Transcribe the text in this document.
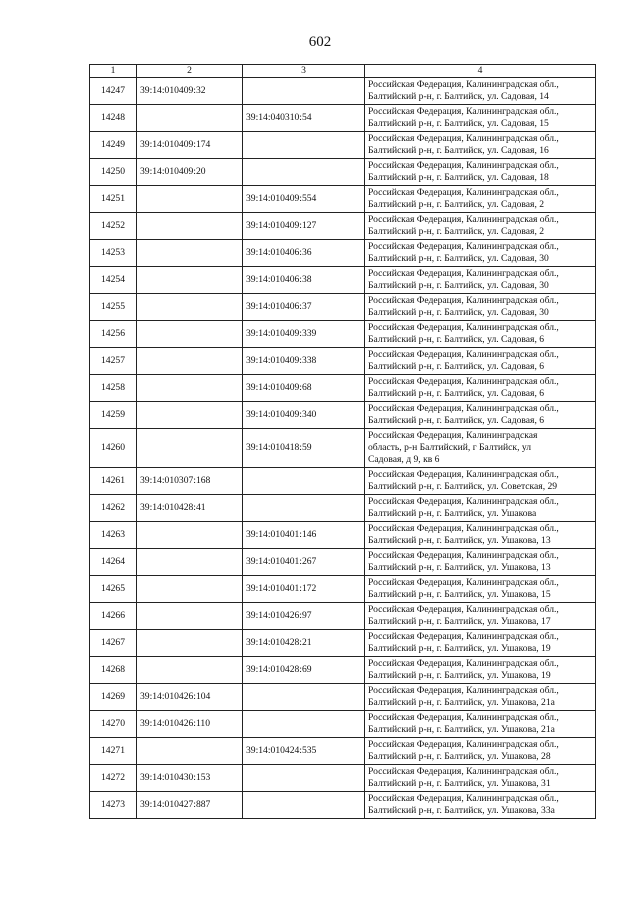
602
1	2	3	4
14247	39:14:010409:32		Российская Федерация, Калининградская обл.,
Балтийский р-н, г. Балтийск, ул. Садовая, 14

14248		39:14:040310:54	Российская Федерация, Калининградская обл.,
Балтийский р-н, г. Балтийск, ул. Садовая, 15

14249	39:14:010409:174		Российская Федерация, Калининградская обл.,
Балтийский р-н, г. Балтийск, ул. Садовая, 16

14250	39:14:010409:20		Российская Федерация, Калининградская обл.,
Балтийский р-н, г. Балтийск, ул. Садовая, 18

14251		39:14:010409:554	Российская Федерация, Калининградская обл.,
Балтийский р-н, г. Балтийск, ул. Садовая, 2

14252		39:14:010409:127	Российская Федерация, Калининградская обл.,
Балтийский р-н, г. Балтийск, ул. Садовая, 2

14253		39:14:010406:36	Российская Федерация, Калининградская обл.,
Балтийский р-н, г. Балтийск, ул. Садовая, 30

14254		39:14:010406:38	Российская Федерация, Калининградская обл.,
Балтийский р-н, г. Балтийск, ул. Садовая, 30

14255		39:14:010406:37	Российская Федерация, Калининградская обл.,
Балтийский р-н, г. Балтийск, ул. Садовая, 30

14256		39:14:010409:339	Российская Федерация, Калининградская обл.,
Балтийский р-н, г. Балтийск, ул. Садовая, 6

14257		39:14:010409:338	Российская Федерация, Калининградская обл.,
Балтийский р-н, г. Балтийск, ул. Садовая, 6

14258		39:14:010409:68	Российская Федерация, Калининградская обл.,
Балтийский р-н, г. Балтийск, ул. Садовая, 6

14259		39:14:010409:340	Российская Федерация, Калининградская обл.,
Балтийский р-н, г. Балтийск, ул. Садовая, 6

14260		39:14:010418:59	Российская Федерация, Калининградская
область, р-н Балтийский, г Балтийск, ул
Садовая, д 9, кв 6

14261	39:14:010307:168		Российская Федерация, Калининградская обл.,
Балтийский р-н, г. Балтийск, ул. Советская, 29

14262	39:14:010428:41		Российская Федерация, Калининградская обл.,
Балтийский р-н, г. Балтийск, ул. Ушакова

14263		39:14:010401:146	Российская Федерация, Калининградская обл.,
Балтийский р-н, г. Балтийск, ул. Ушакова, 13

14264		39:14:010401:267	Российская Федерация, Калининградская обл.,
Балтийский р-н, г. Балтийск, ул. Ушакова, 13

14265		39:14:010401:172	Российская Федерация, Калининградская обл.,
Балтийский р-н, г. Балтийск, ул. Ушакова, 15

14266		39:14:010426:97	Российская Федерация, Калининградская обл.,
Балтийский р-н, г. Балтийск, ул. Ушакова, 17

14267		39:14:010428:21	Российская Федерация, Калининградская обл.,
Балтийский р-н, г. Балтийск, ул. Ушакова, 19

14268		39:14:010428:69	Российская Федерация, Калининградская обл.,
Балтийский р-н, г. Балтийск, ул. Ушакова, 19

14269	39:14:010426:104		Российская Федерация, Калининградская обл.,
Балтийский р-н, г. Балтийск, ул. Ушакова, 21а

14270	39:14:010426:110		Российская Федерация, Калининградская обл.,
Балтийский р-н, г. Балтийск, ул. Ушакова, 21а

14271		39:14:010424:535	Российская Федерация, Калининградская обл.,
Балтийский р-н, г. Балтийск, ул. Ушакова, 28

14272	39:14:010430:153		Российская Федерация, Калининградская обл.,
Балтийский р-н, г. Балтийск, ул. Ушакова, 31

14273	39:14:010427:887		Российская Федерация, Калининградская обл.,
Балтийский р-н, г. Балтийск, ул. Ушакова, 33а
